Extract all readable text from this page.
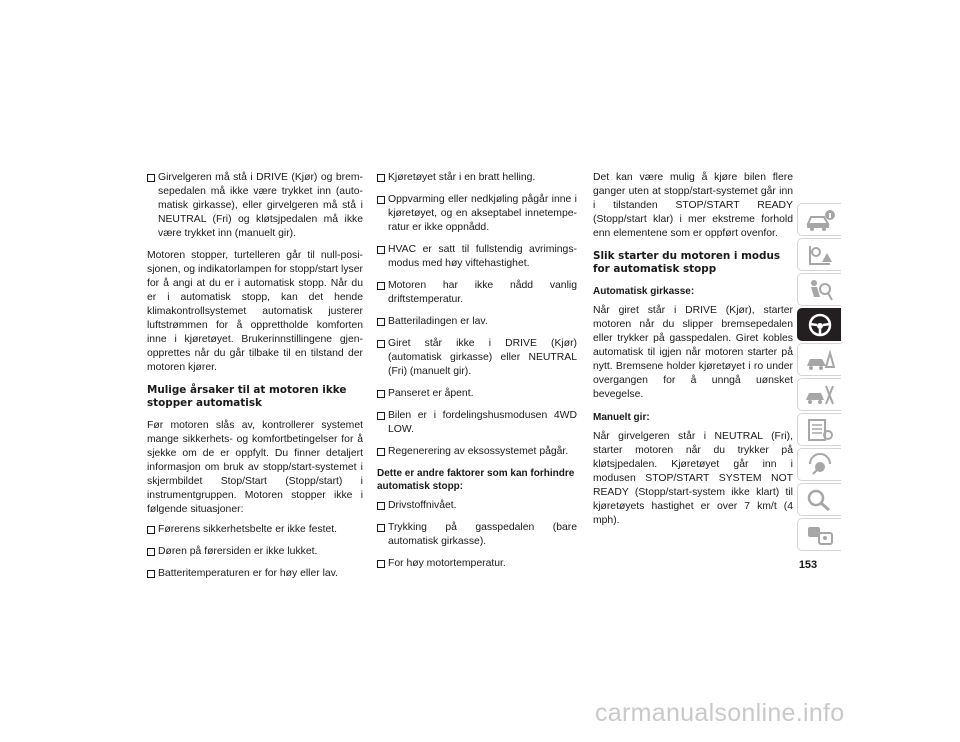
Girvelgeren må stå i DRIVE (Kjør) og bremsepedalen må ikke være trykket inn (automatisk girkasse), eller girvelgeren må stå i NEUTRAL (Fri) og kløtsjpedalen må ikke være trykket inn (manuelt gir).

Motoren stopper, turtelleren går til null-posisjonen, og indikatorlampen for stopp/start lyser for å angi at du er i automatisk stopp. Når du er i automatisk stopp, kan det hende klimakontrollsystemet automatisk justerer luftstrømmen for å opprettholde komforten inne i kjøretøyet. Brukerinnstillingene gjenopprettes når du går tilbake til en tilstand der motoren kjører.

Mulige årsaker til at motoren ikke stopper automatisk

Før motoren slås av, kontrollerer systemet mange sikkerhets- og komfortbetingelser for å sjekke om de er oppfylt. Du finner detaljert informasjon om bruk av stopp/start-systemet i skjermbildet Stop/Start (Stopp/start) i instrumentgruppen. Motoren stopper ikke i følgende situasjoner:

Førerens sikkerhetsbelte er ikke festet.
Døren på førersiden er ikke lukket.
Batteritemperaturen er for høy eller lav.
Kjøretøyet står i en bratt helling.
Oppvarming eller nedkjøling pågår inne i kjøretøyet, og en akseptabel innetemperatur er ikke oppnådd.
HVAC er satt til fullstendig avrimingsmodus med høy viftehastighet.
Motoren har ikke nådd vanlig driftstemperatur.
Batteriladingen er lav.
Giret står ikke i DRIVE (Kjør) (automatisk girkasse) eller NEUTRAL (Fri) (manuelt gir).
Panseret er åpent.
Bilen er i fordelingshusmodusen 4WD LOW.
Regenerering av eksossystemet pågår.
Dette er andre faktorer som kan forhindre automatisk stopp:
Drivstoffnivået.
Trykking på gasspedalen (bare automatisk girkasse).
For høy motortemperatur.

Det kan være mulig å kjøre bilen flere ganger uten at stopp/start-systemet går inn i tilstanden STOP/START READY (Stopp/start klar) i mer ekstreme forhold enn elementene som er oppført ovenfor.

Slik starter du motoren i modus for automatisk stopp
Automatisk girkasse:

Når giret står i DRIVE (Kjør), starter motoren når du slipper bremsepedalen eller trykker på gasspedalen. Giret kobles automatisk til igjen når motoren starter på nytt. Bremsene holder kjøretøyet i ro under overgangen for å unngå uønsket bevegelse.

Manuelt gir:

Når girvelgeren står i NEUTRAL (Fri), starter motoren når du trykker på kløtsjpedalen. Kjøretøyet går inn i modusen STOP/START SYSTEM NOT READY (Stopp/start-system ikke klart) til kjøretøyets hastighet er over 7 km/t (4 mph).

153
carmanualsonline.info
